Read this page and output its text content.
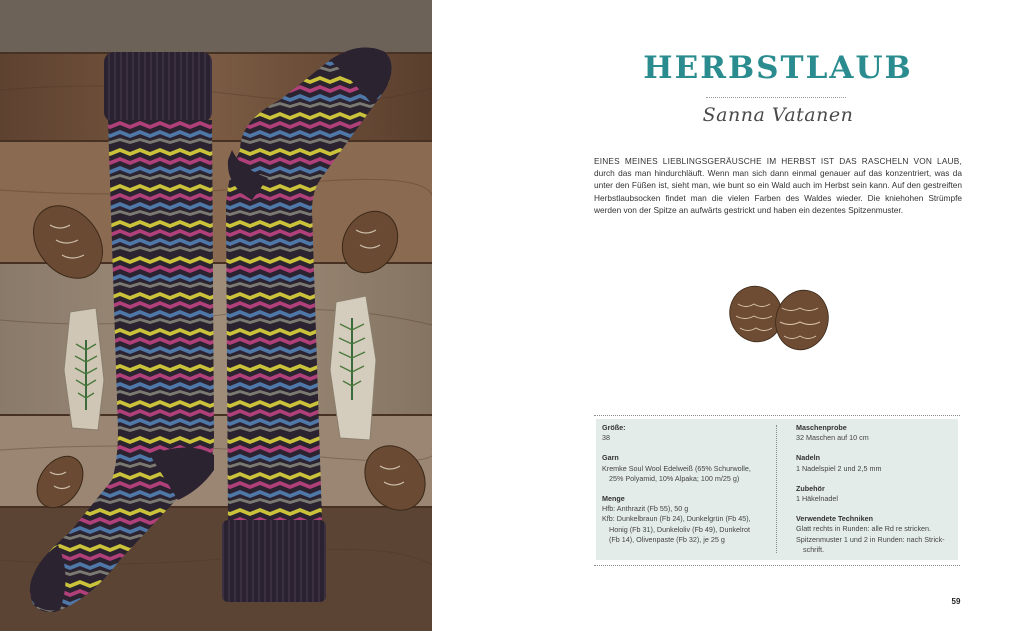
HERBSTLAUB
Sanna Vatanen

EINES MEINES LIEBLINGSGERÄUSCHE IM HERBST IST DAS RASCHELN VON LAUB, durch das man hindurchläuft. Wenn man sich dann einmal genauer auf das konzentriert, was da unter den Füßen ist, sieht man, wie bunt so ein Wald auch im Herbst sein kann. Auf den gestreiften Herbstlaubsocken findet man die vielen Farben des Waldes wieder. Die kniehohen Strümpfe werden von der Spitze an aufwärts gestrickt und haben ein dezentes Spitzenmuster.

Größe:
38
Garn
Kremke Soul Wool Edelweiß (65% Schurwolle,
25% Polyamid, 10% Alpaka; 100 m/25 g)
Menge
Hfb: Anthrazit (Fb 55), 50 g
Kfb: Dunkelbraun (Fb 24), Dunkelgrün (Fb 45),
Honig (Fb 31), Dunkeloliv (Fb 49), Dunkelrot
(Fb 14), Olivenpaste (Fb 32), je 25 g
Maschenprobe
32 Maschen auf 10 cm
Nadeln
1 Nadelspiel 2 und 2,5 mm
Zubehör
1 Häkelnadel
Verwendete Techniken
Glatt rechts in Runden: alle Rd re stricken.
Spitzenmuster 1 und 2 in Runden: nach Strick-
schrift.
59
